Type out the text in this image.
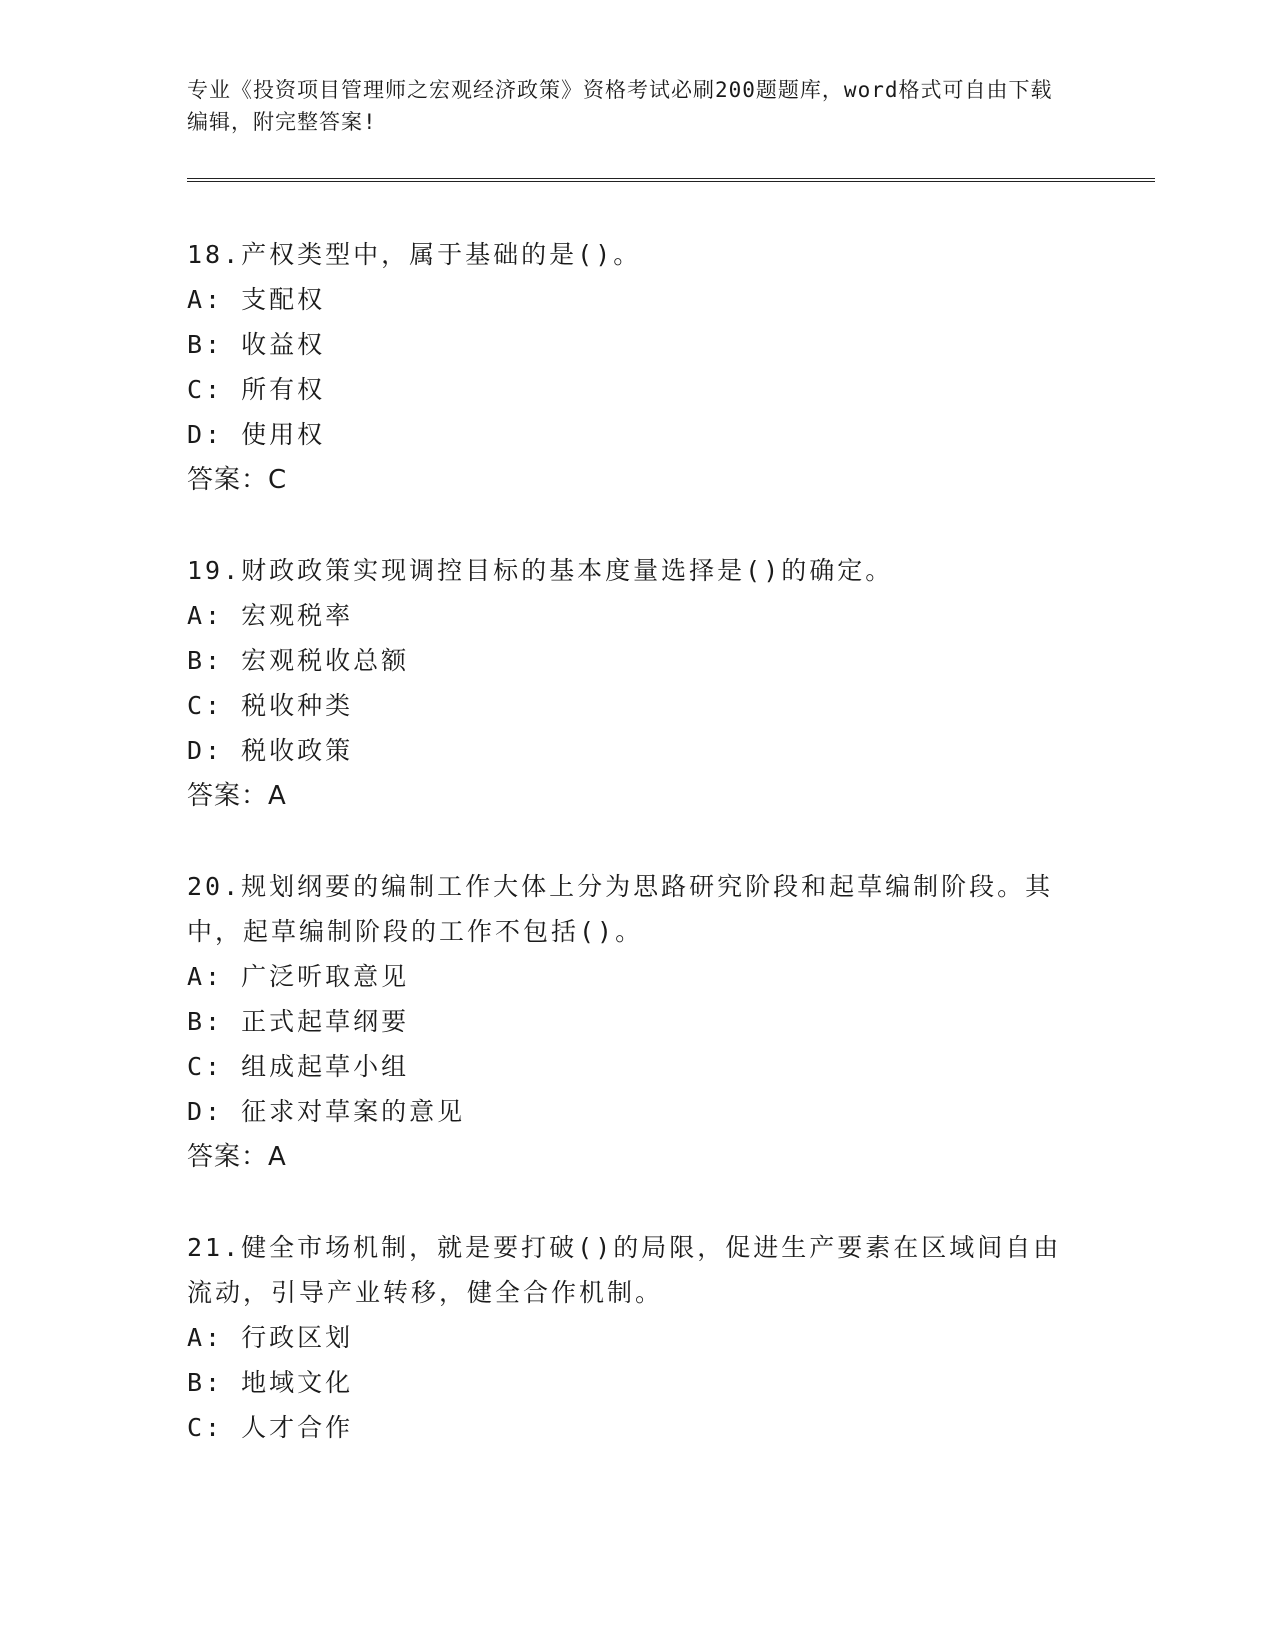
专业《投资项目管理师之宏观经济政策》资格考试必刷200题题库，word格式可自由下载编辑，附完整答案!

18.产权类型中，属于基础的是()。

A: 支配权

B: 收益权

C: 所有权

D: 使用权

答案：C

19.财政政策实现调控目标的基本度量选择是()的确定。

A: 宏观税率

B: 宏观税收总额

C: 税收种类

D: 税收政策

答案：A

20.规划纲要的编制工作大体上分为思路研究阶段和起草编制阶段。其中，起草编制阶段的工作不包括()。

A: 广泛听取意见

B: 正式起草纲要

C: 组成起草小组

D: 征求对草案的意见

答案：A

21.健全市场机制，就是要打破()的局限，促进生产要素在区域间自由流动，引导产业转移，健全合作机制。

A: 行政区划

B: 地域文化

C: 人才合作
